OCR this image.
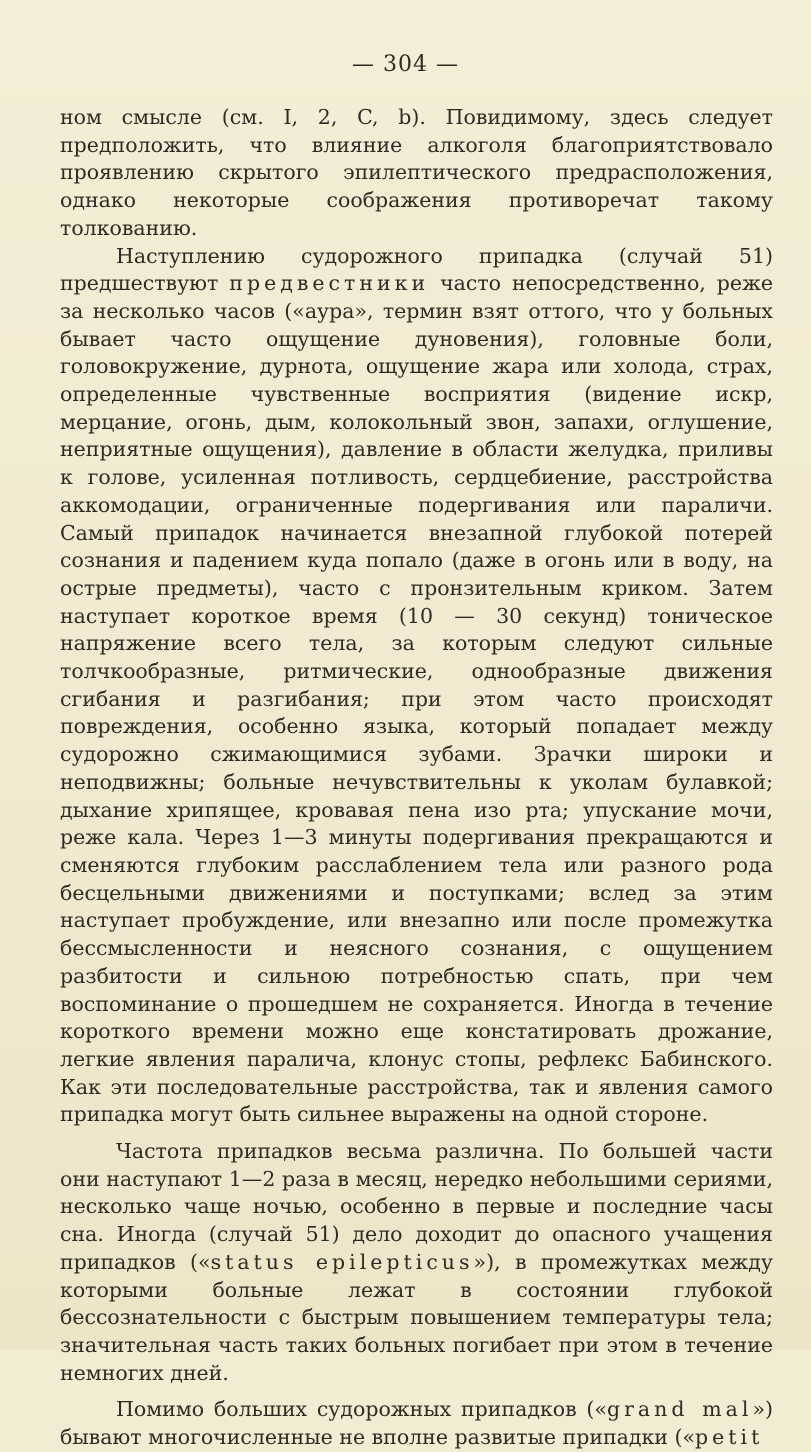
— 304 —

ном смысле (см. I, 2, C, b). Повидимому, здесь следует предположить, что влияние алкоголя благоприятствовало проявлению скрытого эпилептического предрасположения, однако некоторые соображения противоречат такому толкованию.

Наступлению судорожного припадка (случай 51) предшествуют предвестники часто непосредственно, реже за несколько часов («аура», термин взят оттого, что у больных бывает часто ощущение дуновения), головные боли, головокружение, дурнота, ощущение жара или холода, страх, определенные чувственные восприятия (видение искр, мерцание, огонь, дым, колокольный звон, запахи, оглушение, неприятные ощущения), давление в области желудка, приливы к голове, усиленная потливость, сердцебиение, расстройства аккомодации, ограниченные подергивания или параличи. Самый припадок начинается внезапной глубокой потерей сознания и падением куда попало (даже в огонь или в воду, на острые предметы), часто с пронзительным криком. Затем наступает короткое время (10 — 30 секунд) тоническое напряжение всего тела, за которым следуют сильные толчкообразные, ритмические, однообразные движения сгибания и разгибания; при этом часто происходят повреждения, особенно языка, который попадает между судорожно сжимающимися зубами. Зрачки широки и неподвижны; больные нечувствительны к уколам булавкой; дыхание хрипящее, кровавая пена изо рта; упускание мочи, реже кала. Через 1—3 минуты подергивания прекращаются и сменяются глубоким расслаблением тела или разного рода бесцельными движениями и поступками; вслед за этим наступает пробуждение, или внезапно или после промежутка бессмысленности и неясного сознания, с ощущением разбитости и сильною потребностью спать, при чем воспоминание о прошедшем не сохраняется. Иногда в течение короткого времени можно еще констатировать дрожание, легкие явления паралича, клонус стопы, рефлекс Бабинского. Как эти последовательные расстройства, так и явления самого припадка могут быть сильнее выражены на одной стороне.

Частота припадков весьма различна. По большей части они наступают 1—2 раза в месяц, нередко небольшими сериями, несколько чаще ночью, особенно в первые и последние часы сна. Иногда (случай 51) дело доходит до опасного учащения припадков («status epilepticus»), в промежутках между которыми больные лежат в состоянии глубокой бессознательности с быстрым повышением температуры тела; значительная часть таких больных погибает при этом в течение немногих дней.

Помимо больших судорожных припадков («grand mal») бывают многочисленные не вполне развитые припадки («petit
